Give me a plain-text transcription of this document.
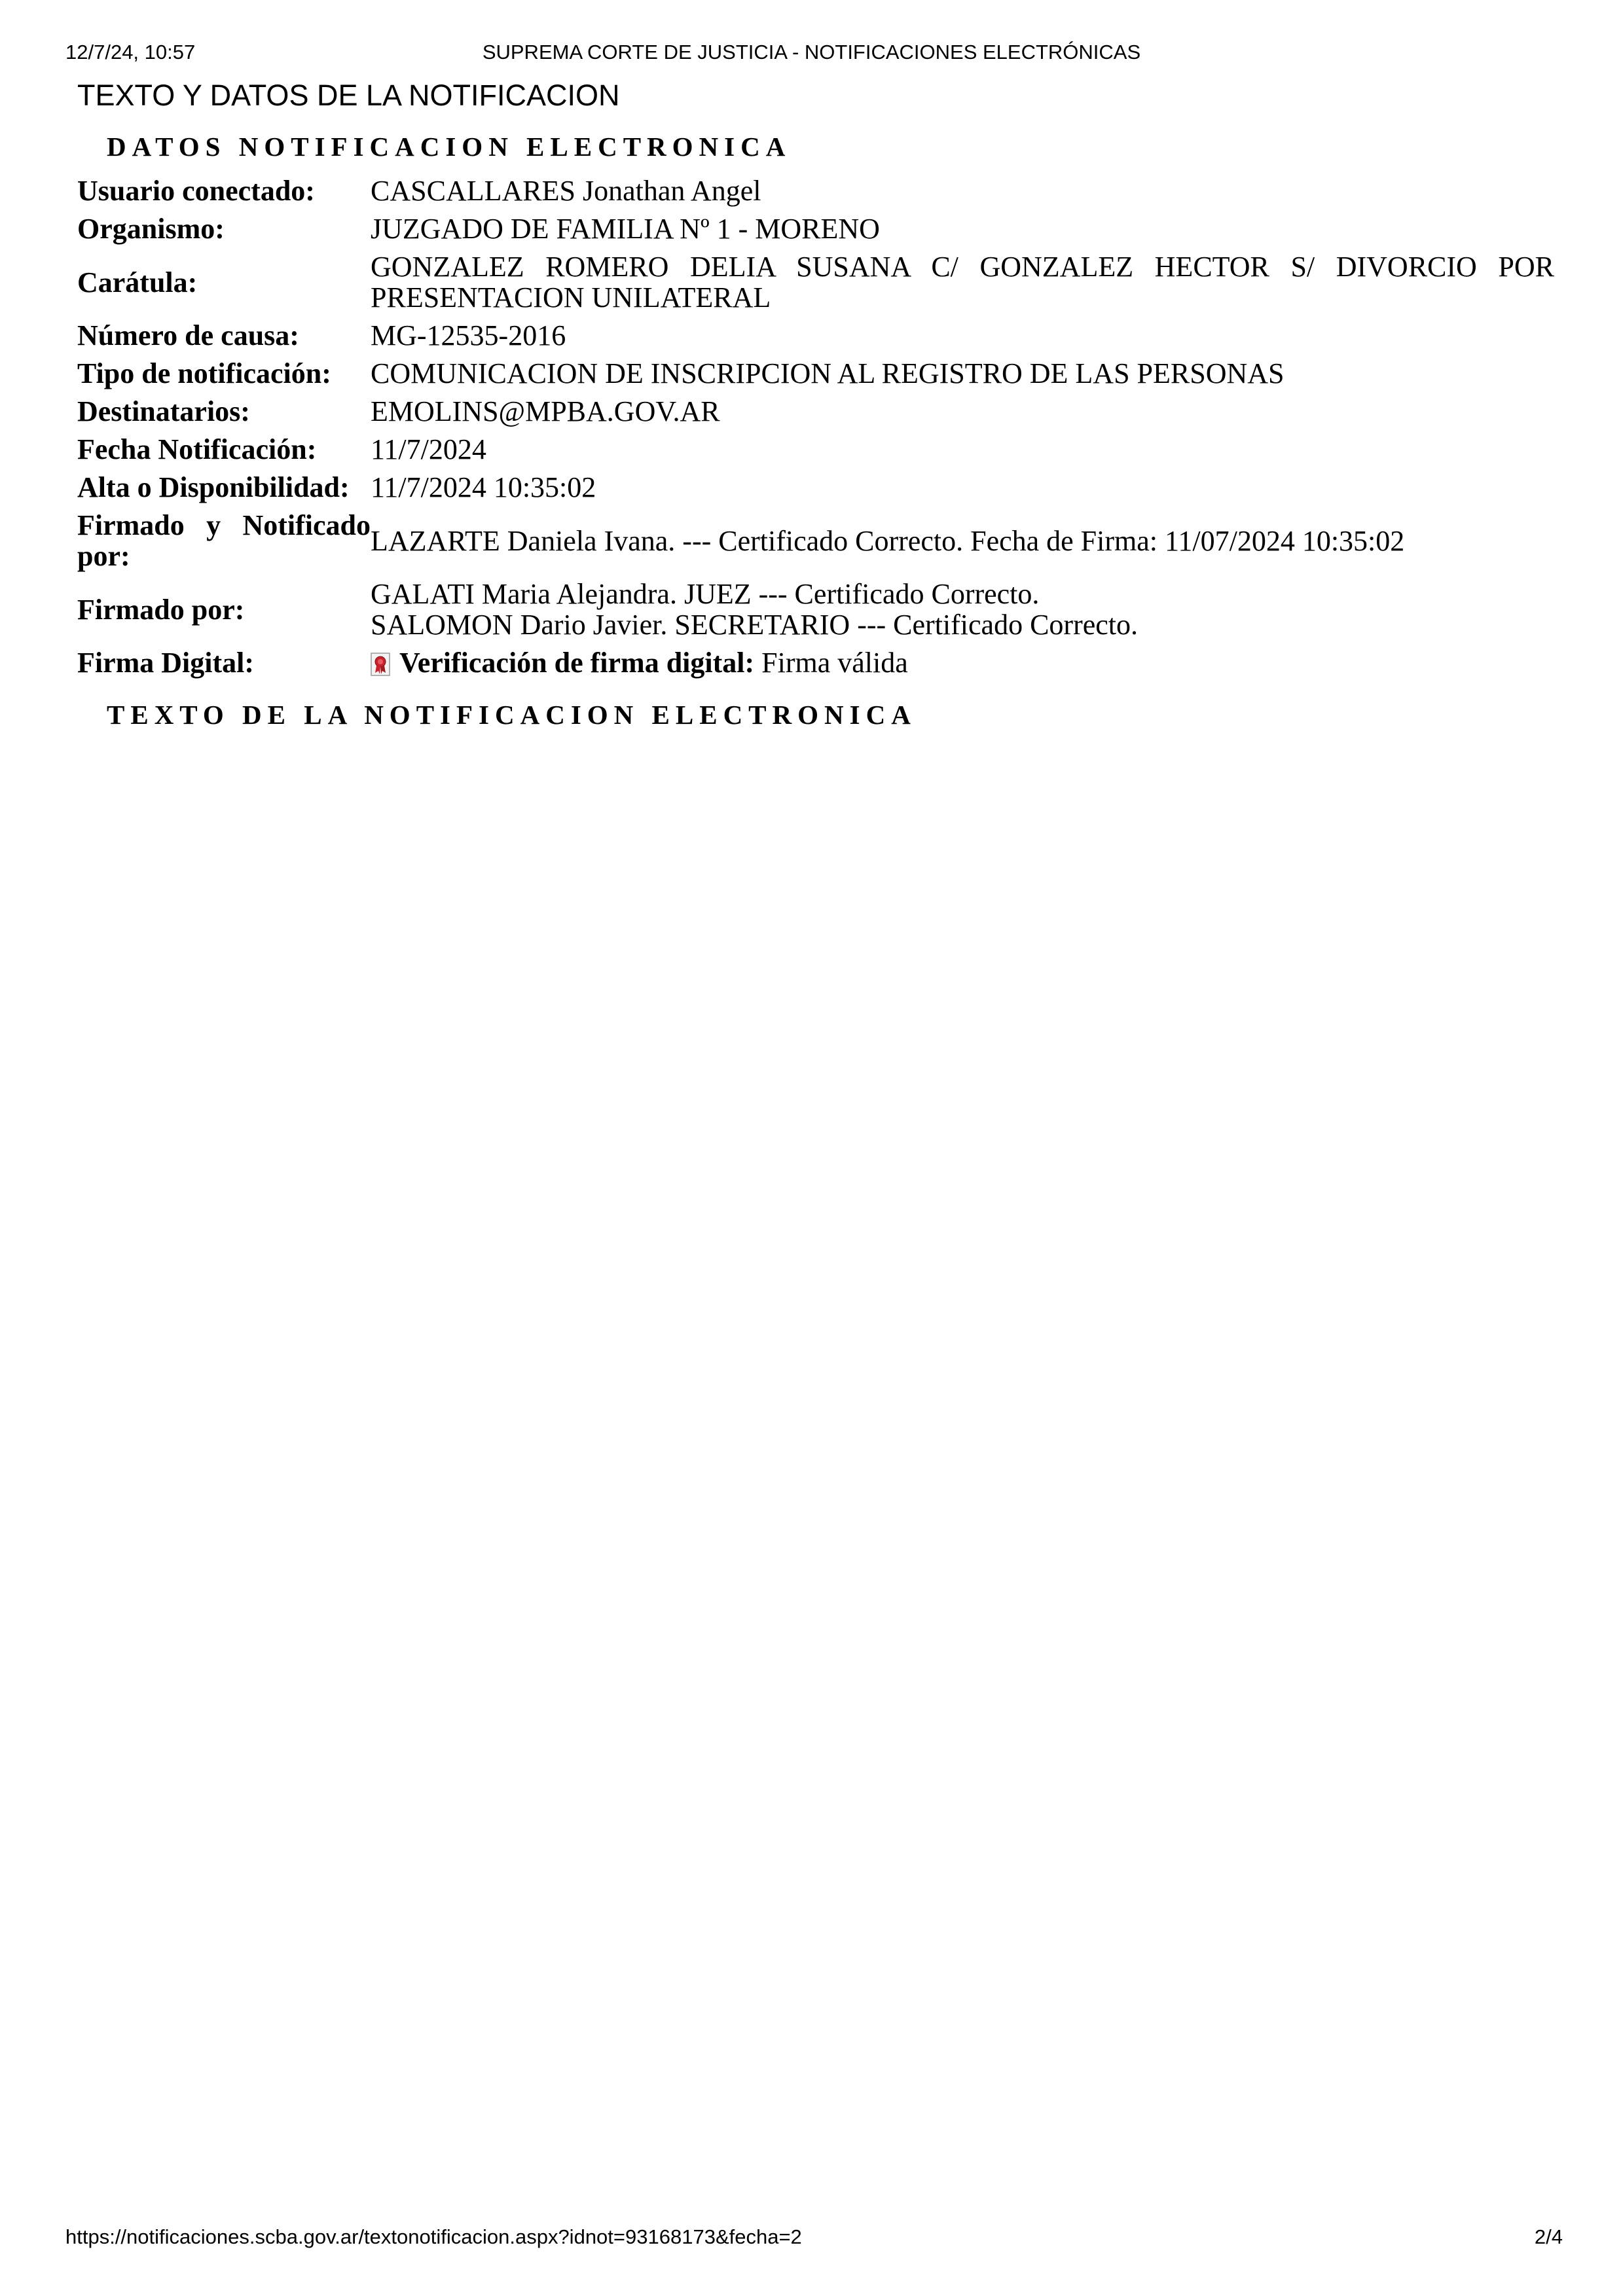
12/7/24, 10:57	SUPREMA CORTE DE JUSTICIA - NOTIFICACIONES ELECTRÓNICAS
TEXTO Y DATOS DE LA NOTIFICACION
DATOS NOTIFICACION ELECTRONICA
Usuario conectado:	CASCALLARES Jonathan Angel
Organismo:	JUZGADO DE FAMILIA Nº 1 - MORENO
Carátula:	GONZALEZ ROMERO DELIA SUSANA C/ GONZALEZ HECTOR S/ DIVORCIO POR PRESENTACION UNILATERAL
Número de causa:	MG-12535-2016
Tipo de notificación:	COMUNICACION DE INSCRIPCION AL REGISTRO DE LAS PERSONAS
Destinatarios:	EMOLINS@MPBA.GOV.AR
Fecha Notificación:	11/7/2024
Alta o Disponibilidad: 11/7/2024 10:35:02
Firmado y Notificado por:	LAZARTE Daniela Ivana. --- Certificado Correcto. Fecha de Firma: 11/07/2024 10:35:02
Firmado por:	GALATI Maria Alejandra. JUEZ --- Certificado Correcto.
SALOMON Dario Javier. SECRETARIO --- Certificado Correcto.
Firma Digital:	Verificación de firma digital: Firma válida
TEXTO DE LA NOTIFICACION ELECTRONICA
https://notificaciones.scba.gov.ar/textonotificacion.aspx?idnot=93168173&fecha=2	2/4
